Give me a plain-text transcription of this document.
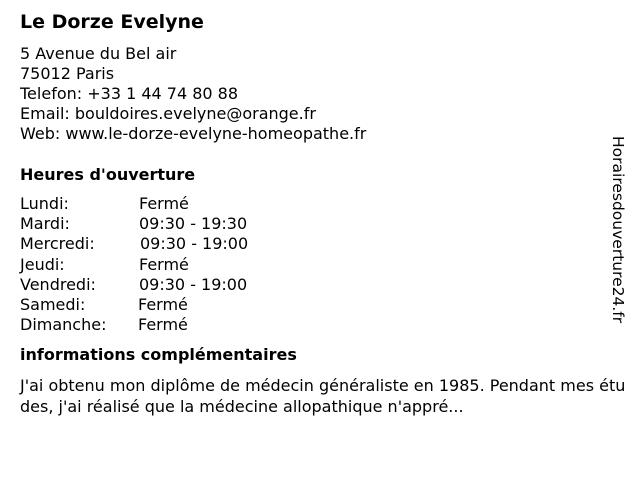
Le Dorze Evelyne
5 Avenue du Bel air
75012 Paris
Telefon: +33 1 44 74 80 88
Email: bouldoires.evelyne@orange.fr
Web: www.le-dorze-evelyne-homeopathe.fr
Heures d'ouverture
Lundi:	Fermé
Mardi:	09:30 - 19:30
Mercredi:	09:30 - 19:00
Jeudi:	Fermé
Vendredi:	09:30 - 19:00
Samedi:	Fermé
Dimanche:	Fermé
informations complémentaires

J'ai obtenu mon diplôme de médecin généraliste en 1985. Pendant mes études, j'ai réalisé que la médecine allopathique n'appré...

Horairesdouverture24.fr
